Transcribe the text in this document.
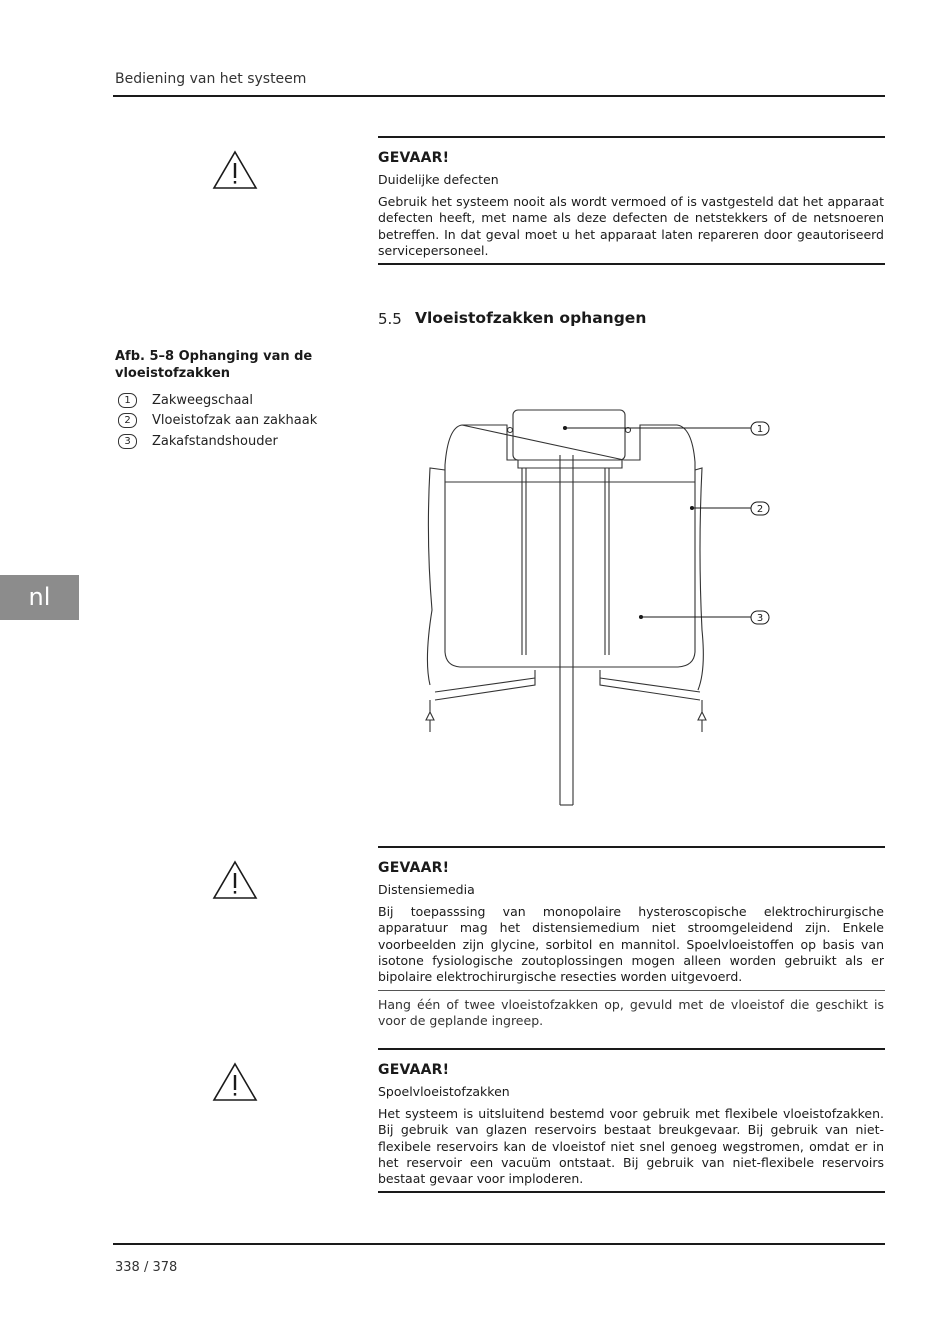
Bediening van het systeem
GEVAAR!
Duidelijke defecten
Gebruik het systeem nooit als wordt vermoed of is vastgesteld dat het apparaat defecten heeft, met name als deze defecten de netstekkers of de netsnoeren betreffen. In dat geval moet u het apparaat laten repareren door geautoriseerd servicepersoneel.
5.5 Vloeistofzakken ophangen
Afb. 5–8 Ophanging van de vloeistofzakken
1	Zakweegschaal
2	Vloeistofzak aan zakhaak
3	Zakafstandshouder
nl
1
2
3
GEVAAR!
Distensiemedia
Bij toepasssing van monopolaire hysteroscopische elektrochirurgische apparatuur mag het distensiemedium niet stroomgeleidend zijn. Enkele voorbeelden zijn glycine, sorbitol en mannitol. Spoelvloeistoffen op basis van isotone fysiologische zoutoplossingen mogen alleen worden gebruikt als er bipolaire elektrochirurgische resecties worden uitgevoerd.
Hang één of twee vloeistofzakken op, gevuld met de vloeistof die geschikt is voor de geplande ingreep.
GEVAAR!
Spoelvloeistofzakken
Het systeem is uitsluitend bestemd voor gebruik met flexibele vloeistofzakken. Bij gebruik van glazen reservoirs bestaat breukgevaar. Bij gebruik van niet-flexibele reservoirs kan de vloeistof niet snel genoeg wegstromen, omdat er in het reservoir een vacuüm ontstaat. Bij gebruik van niet-flexibele reservoirs bestaat gevaar voor imploderen.
338 / 378
